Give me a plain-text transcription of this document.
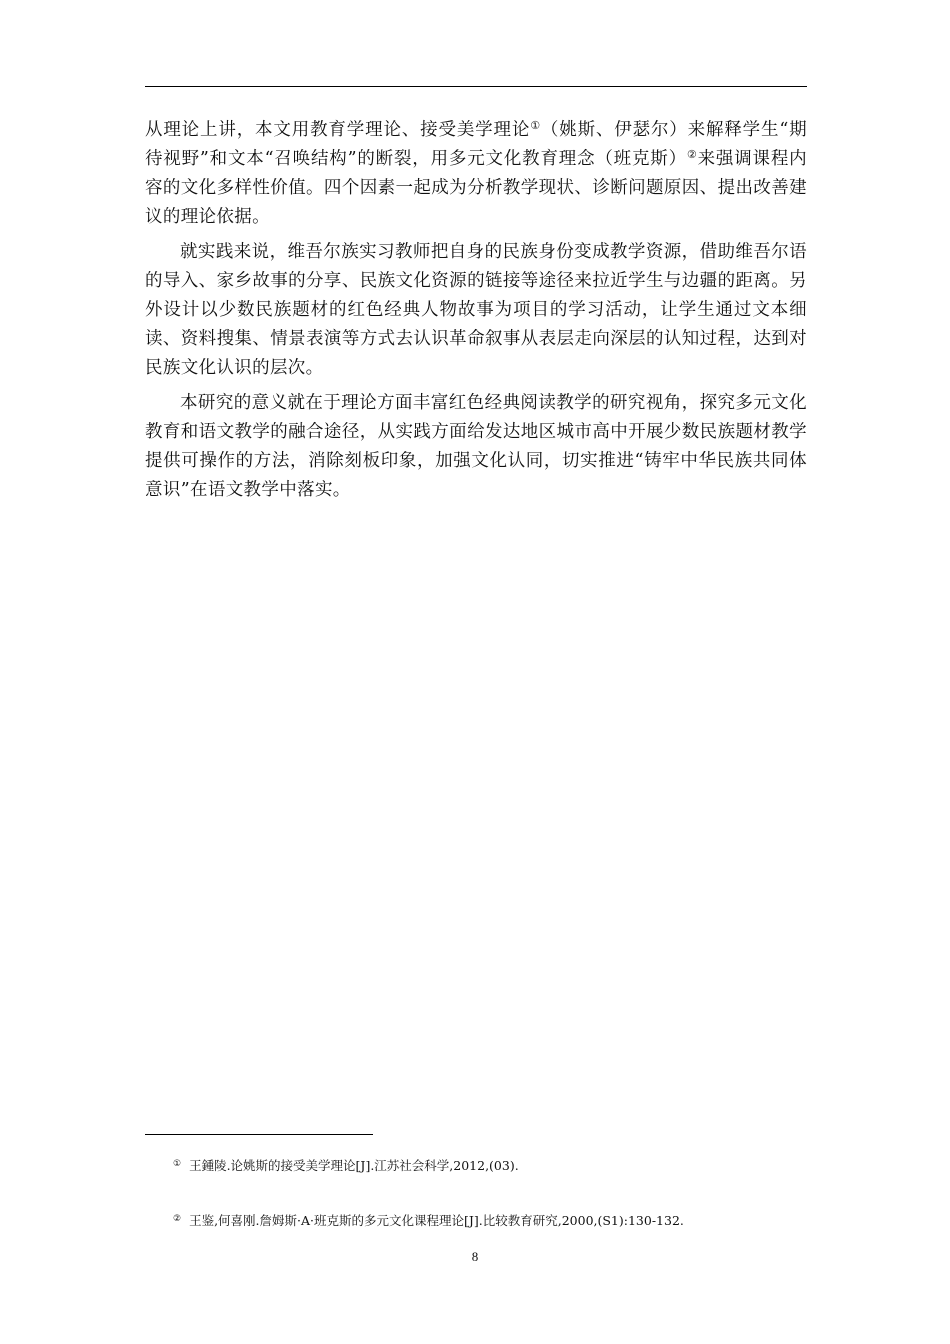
从理论上讲，本文用教育学理论、接受美学理论①（姚斯、伊瑟尔）来解释学生“期待视野”和文本“召唤结构”的断裂，用多元文化教育理念（班克斯）②来强调课程内容的文化多样性价值。四个因素一起成为分析教学现状、诊断问题原因、提出改善建议的理论依据。

就实践来说，维吾尔族实习教师把自身的民族身份变成教学资源，借助维吾尔语的导入、家乡故事的分享、民族文化资源的链接等途径来拉近学生与边疆的距离。另外设计以少数民族题材的红色经典人物故事为项目的学习活动，让学生通过文本细读、资料搜集、情景表演等方式去认识革命叙事从表层走向深层的认知过程，达到对民族文化认识的层次。

本研究的意义就在于理论方面丰富红色经典阅读教学的研究视角，探究多元文化教育和语文教学的融合途径，从实践方面给发达地区城市高中开展少数民族题材教学提供可操作的方法，消除刻板印象，加强文化认同，切实推进“铸牢中华民族共同体意识”在语文教学中落实。

① 王鍾陵.论姚斯的接受美学理论[J].江苏社会科学,2012,(03).
② 王鉴,何喜刚.詹姆斯·A·班克斯的多元文化课程理论[J].比较教育研究,2000,(S1):130-132.
8
